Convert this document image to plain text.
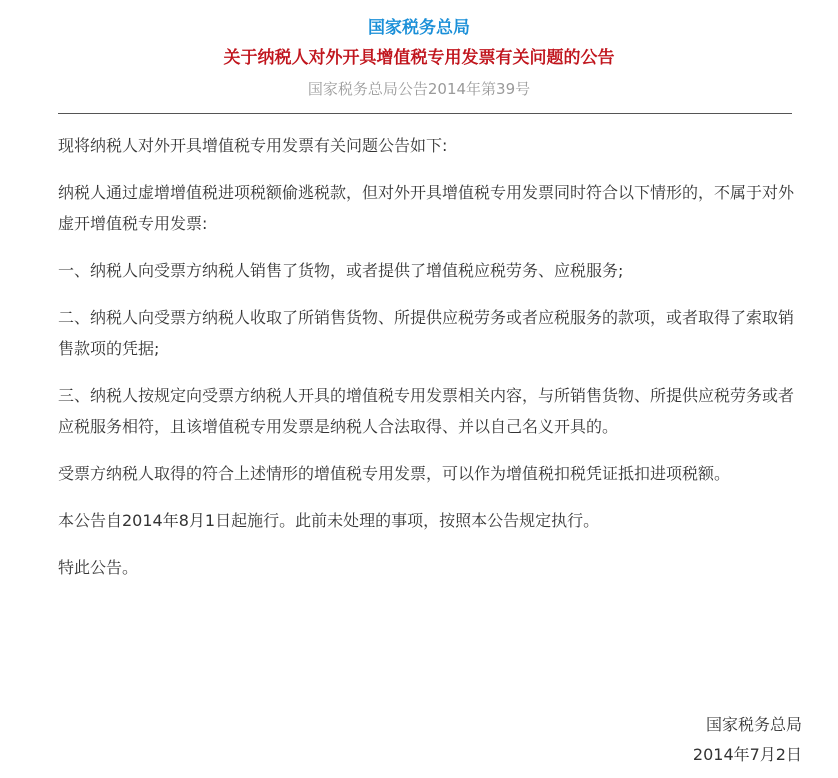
国家税务总局
关于纳税人对外开具增值税专用发票有关问题的公告
国家税务总局公告2014年第39号

现将纳税人对外开具增值税专用发票有关问题公告如下:

纳税人通过虚增增值税进项税额偷逃税款，但对外开具增值税专用发票同时符合以下情形的，不属于对外虚开增值税专用发票:

一、纳税人向受票方纳税人销售了货物，或者提供了增值税应税劳务、应税服务;

二、纳税人向受票方纳税人收取了所销售货物、所提供应税劳务或者应税服务的款项，或者取得了索取销售款项的凭据;

三、纳税人按规定向受票方纳税人开具的增值税专用发票相关内容，与所销售货物、所提供应税劳务或者应税服务相符，且该增值税专用发票是纳税人合法取得、并以自己名义开具的。

受票方纳税人取得的符合上述情形的增值税专用发票，可以作为增值税扣税凭证抵扣进项税额。

本公告自2014年8月1日起施行。此前未处理的事项，按照本公告规定执行。

特此公告。

国家税务总局
2014年7月2日
